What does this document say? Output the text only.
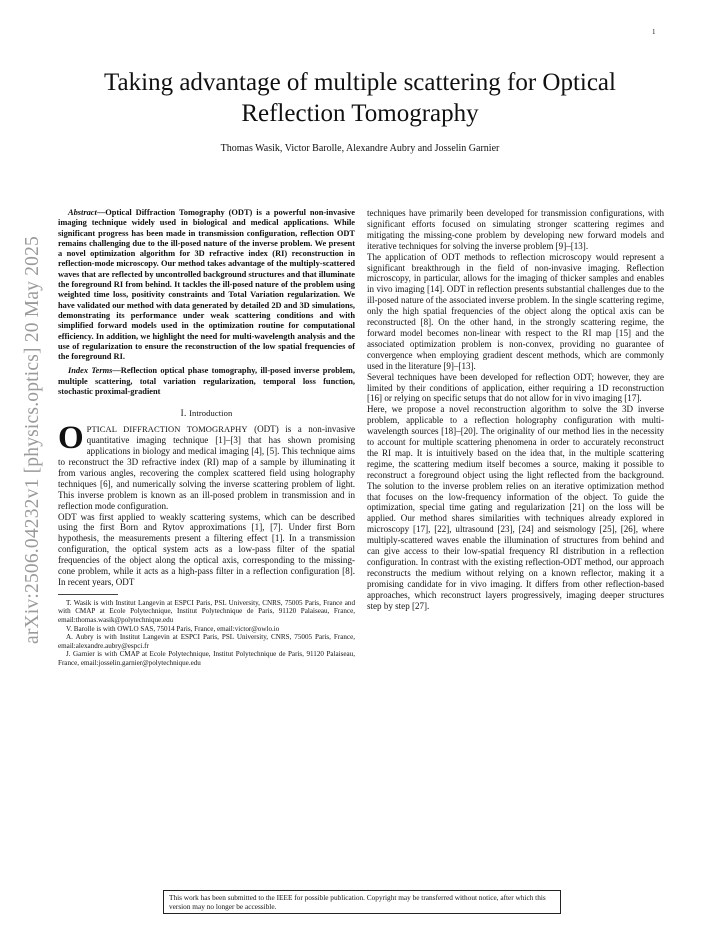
1
arXiv:2506.04232v1 [physics.optics] 20 May 2025
Taking advantage of multiple scattering for Optical Reflection Tomography
Thomas Wasik, Victor Barolle, Alexandre Aubry and Josselin Garnier

Abstract—Optical Diffraction Tomography (ODT) is a powerful non-invasive imaging technique widely used in biological and medical applications. While significant progress has been made in transmission configuration, reflection ODT remains challenging due to the ill-posed nature of the inverse problem. We present a novel optimization algorithm for 3D refractive index (RI) reconstruction in reflection-mode microscopy. Our method takes advantage of the multiply-scattered waves that are reflected by uncontrolled background structures and that illuminate the foreground RI from behind. It tackles the ill-posed nature of the problem using weighted time loss, positivity constraints and Total Variation regularization. We have validated our method with data generated by detailed 2D and 3D simulations, demonstrating its performance under weak scattering conditions and with simplified forward models used in the optimization routine for computational efficiency. In addition, we highlight the need for multi-wavelength analysis and the use of regularization to ensure the reconstruction of the low spatial frequencies of the foreground RI.

Index Terms—Reflection optical phase tomography, ill-posed inverse problem, multiple scattering, total variation regularization, temporal loss function, stochastic proximal-gradient

I. Introduction

OPTICAL DIFFRACTION TOMOGRAPHY (ODT) is a non-invasive quantitative imaging technique [1]–[3] that has shown promising applications in biology and medical imaging [4], [5]. This technique aims to reconstruct the 3D refractive index (RI) map of a sample by illuminating it from various angles, recovering the complex scattered field using holography techniques [6], and numerically solving the inverse scattering problem of light. This inverse problem is known as an ill-posed problem in transmission and in reflection mode configuration.

ODT was first applied to weakly scattering systems, which can be described using the first Born and Rytov approximations [1], [7]. Under first Born hypothesis, the measurements present a filtering effect [1]. In a transmission configuration, the optical system acts as a low-pass filter of the spatial frequencies of the object along the optical axis, corresponding to the missing-cone problem, while it acts as a high-pass filter in a reflection configuration [8]. In recent years, ODT

T. Wasik is with Institut Langevin at ESPCI Paris, PSL University, CNRS, 75005 Paris, France and with CMAP at Ecole Polytechnique, Institut Polytechnique de Paris, 91120 Palaiseau, France, email:thomas.wasik@polytechnique.edu

V. Barolle is with OWLO SAS, 75014 Paris, France, email:victor@owlo.io

A. Aubry is with Institut Langevin at ESPCI Paris, PSL University, CNRS, 75005 Paris, France, email:alexandre.aubry@espci.fr

J. Garnier is with CMAP at Ecole Polytechnique, Institut Polytechnique de Paris, 91120 Palaiseau, France, email:josselin.garnier@polytechnique.edu

techniques have primarily been developed for transmission configurations, with significant efforts focused on simulating stronger scattering regimes and mitigating the missing-cone problem by developing new forward models and iterative techniques for solving the inverse problem [9]–[13].

The application of ODT methods to reflection microscopy would represent a significant breakthrough in the field of non-invasive imaging. Reflection microscopy, in particular, allows for the imaging of thicker samples and enables in vivo imaging [14]. ODT in reflection presents substantial challenges due to the ill-posed nature of the associated inverse problem. In the single scattering regime, only the high spatial frequencies of the object along the optical axis can be reconstructed [8]. On the other hand, in the strongly scattering regime, the forward model becomes non-linear with respect to the RI map [15] and the associated optimization problem is non-convex, providing no guarantee of convergence when employing gradient descent methods, which are commonly used in the literature [9]–[13].

Several techniques have been developed for reflection ODT; however, they are limited by their conditions of application, either requiring a 1D reconstruction [16] or relying on specific setups that do not allow for in vivo imaging [17].

Here, we propose a novel reconstruction algorithm to solve the 3D inverse problem, applicable to a reflection holography configuration with multi-wavelength sources [18]–[20]. The originality of our method lies in the necessity to account for multiple scattering phenomena in order to accurately reconstruct the RI map. It is intuitively based on the idea that, in the multiple scattering regime, the scattering medium itself becomes a source, making it possible to reconstruct a foreground object using the light reflected from the background. The solution to the inverse problem relies on an iterative optimization method that focuses on the low-frequency information of the object. To guide the optimization, special time gating and regularization [21] on the loss will be applied. Our method shares similarities with techniques already explored in microscopy [17], [22], ultrasound [23], [24] and seismology [25], [26], where multiply-scattered waves enable the illumination of structures from behind and can give access to their low-spatial frequency RI distribution in a reflection configuration. In contrast with the existing reflection-ODT method, our approach reconstructs the medium without relying on a known reflector, making it a promising candidate for in vivo imaging. It differs from other reflection-based approaches, which reconstruct layers progressively, imaging deeper structures step by step [27].

This work has been submitted to the IEEE for possible publication. Copyright may be transferred without notice, after which this version may no longer be accessible.
